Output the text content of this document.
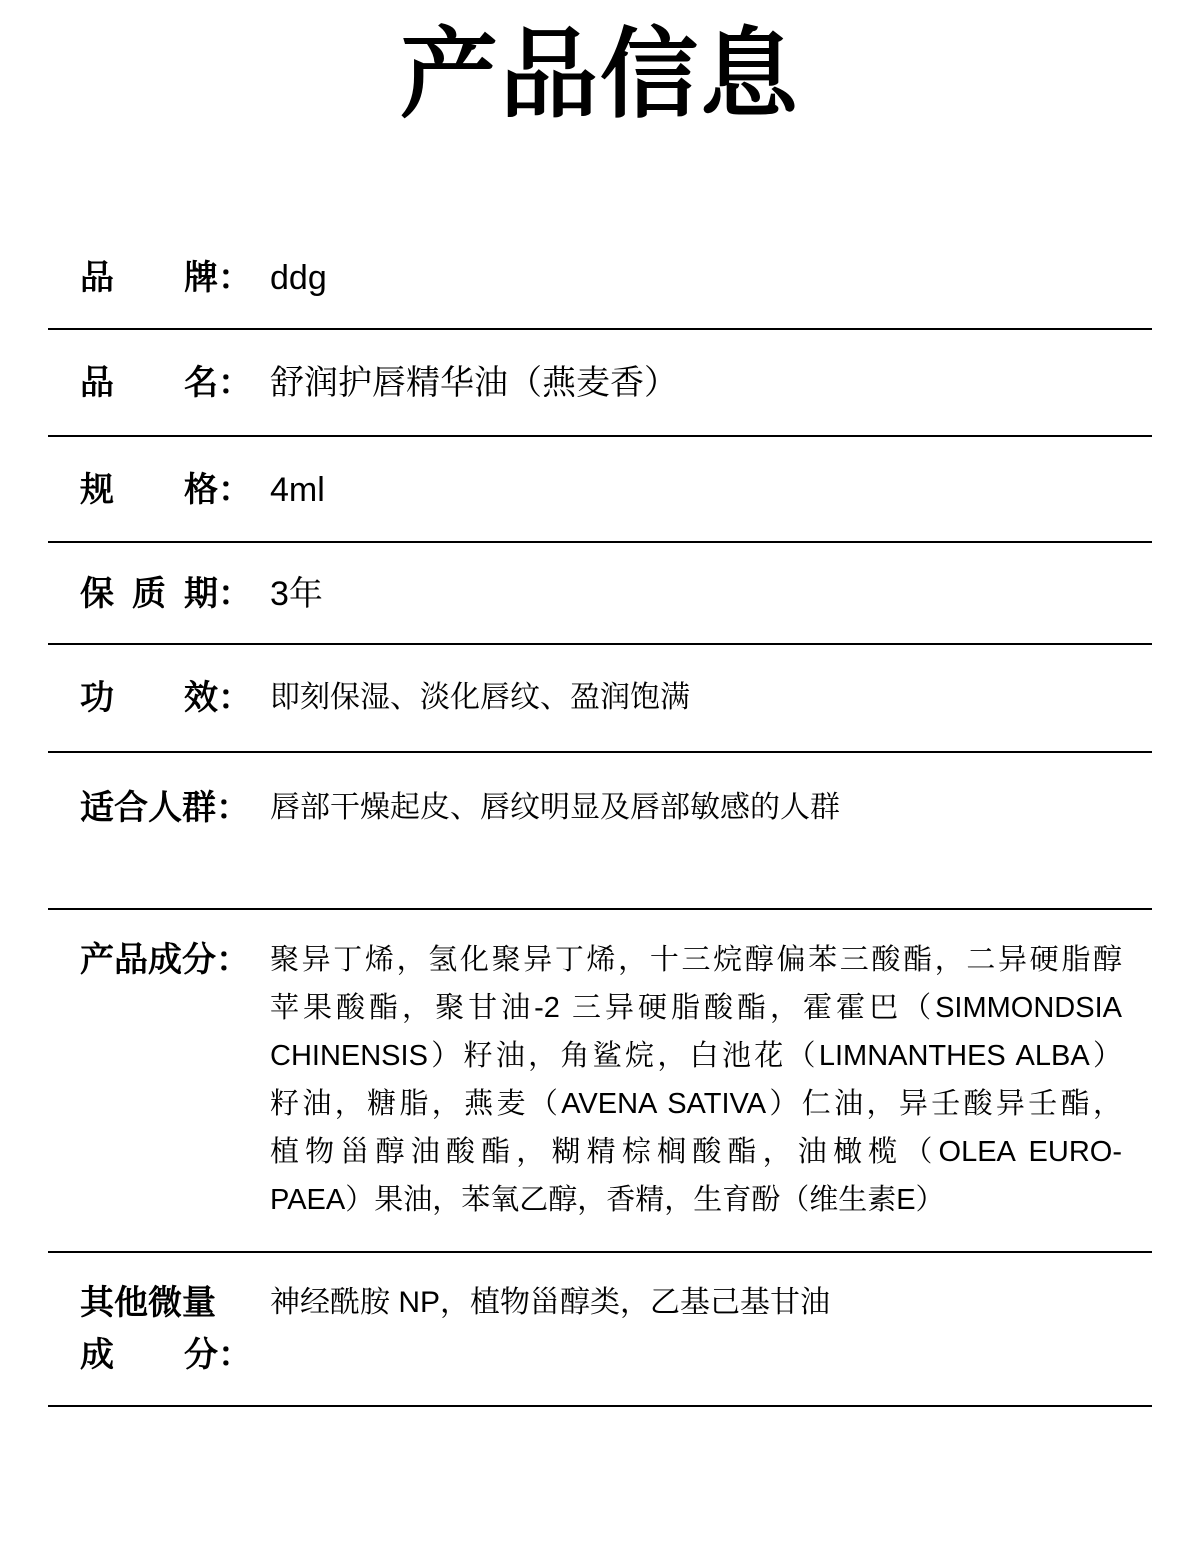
产品信息
品 牌： ddg
品 名： 舒润护唇精华油（燕麦香）
规 格： 4ml
保 质 期： 3年
功 效： 即刻保湿、淡化唇纹、盈润饱满
适合人群： 唇部干燥起皮、唇纹明显及唇部敏感的人群
产品成分： 聚异丁烯，氢化聚异丁烯，十三烷醇偏苯三酸酯，二异硬脂醇
苹果酸酯，聚甘油-2 三异硬脂酸酯，霍霍巴（SIMMONDSIA
CHINENSIS）籽油，角鲨烷，白池花（LIMNANTHES ALBA）
籽油，糖脂，燕麦（AVENA SATIVA）仁油，异壬酸异壬酯，
植物甾醇油酸酯，糊精棕榈酸酯，油橄榄（OLEA EURO-
PAEA）果油，苯氧乙醇，香精，生育酚（维生素E）
其他微量
成 分：
神经酰胺 NP，植物甾醇类，乙基己基甘油
